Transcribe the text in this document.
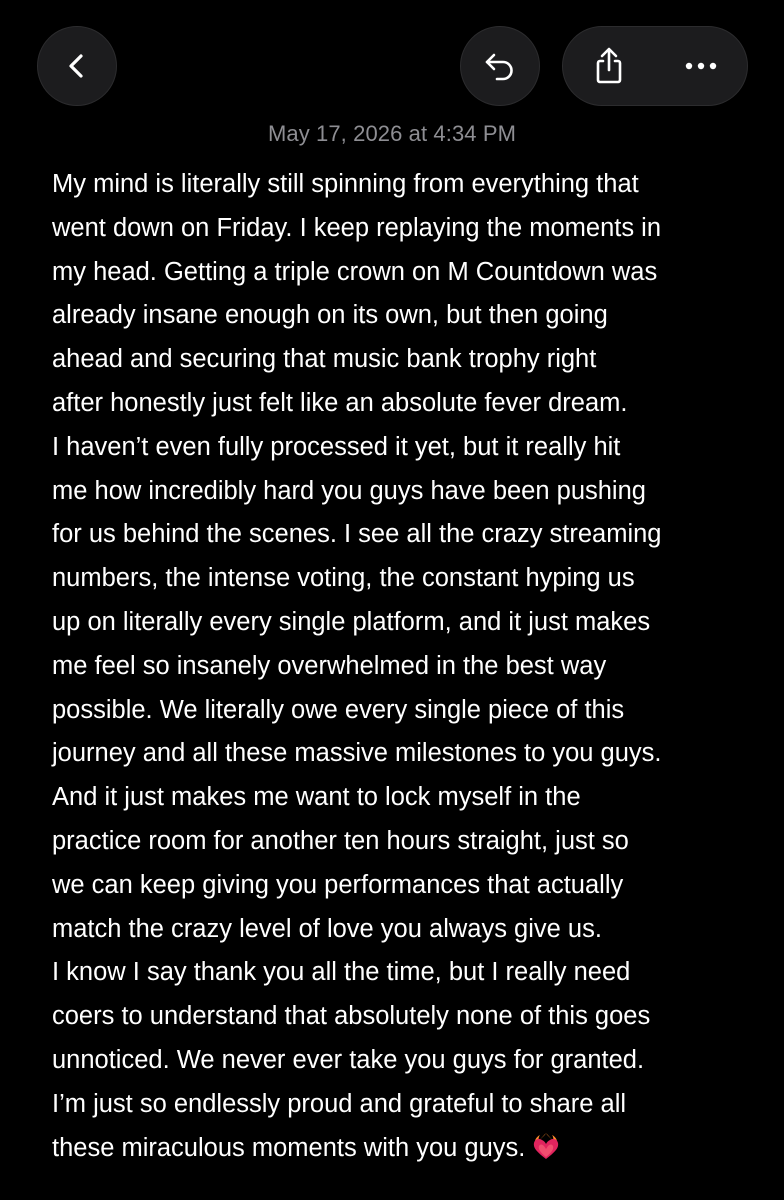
May 17, 2026 at 4:34 PM
My mind is literally still spinning from everything that
went down on Friday. I keep replaying the moments in
my head. Getting a triple crown on M Countdown was
already insane enough on its own, but then going
ahead and securing that music bank trophy right
after honestly just felt like an absolute fever dream.
I haven’t even fully processed it yet, but it really hit
me how incredibly hard you guys have been pushing
for us behind the scenes. I see all the crazy streaming
numbers, the intense voting, the constant hyping us
up on literally every single platform, and it just makes
me feel so insanely overwhelmed in the best way
possible. We literally owe every single piece of this
journey and all these massive milestones to you guys.
And it just makes me want to lock myself in the
practice room for another ten hours straight, just so
we can keep giving you performances that actually
match the crazy level of love you always give us.
I know I say thank you all the time, but I really need
coers to understand that absolutely none of this goes
unnoticed. We never ever take you guys for granted.
I’m just so endlessly proud and grateful to share all
these miraculous moments with you guys.
